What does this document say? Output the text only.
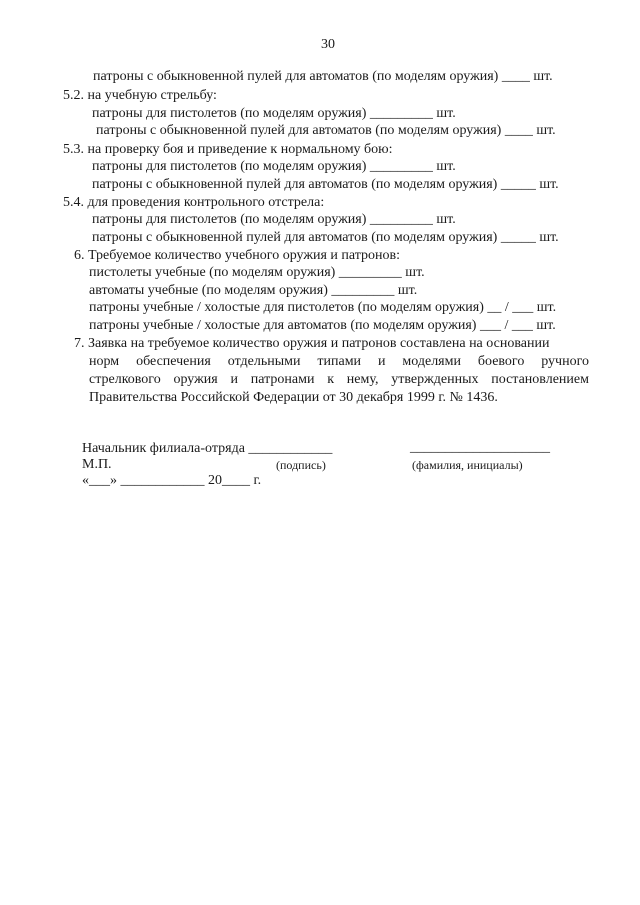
30
патроны с обыкновенной пулей для автоматов (по моделям оружия) ____ шт.
5.2. на учебную стрельбу:
патроны для пистолетов (по моделям оружия) _________ шт.
патроны с обыкновенной пулей для автоматов (по моделям оружия) ____ шт.
5.3. на проверку боя и приведение к нормальному бою:
патроны для пистолетов (по моделям оружия) _________ шт.
патроны с обыкновенной пулей для автоматов (по моделям оружия) _____ шт.
5.4. для проведения контрольного отстрела:
патроны для пистолетов (по моделям оружия) _________ шт.
патроны с обыкновенной пулей для автоматов (по моделям оружия) _____ шт.
6. Требуемое количество учебного оружия и патронов:
пистолеты учебные (по моделям оружия) _________ шт.
автоматы учебные (по моделям оружия) _________ шт.
патроны учебные / холостые для пистолетов (по моделям оружия) __ / ___ шт.
патроны учебные / холостые для автоматов (по моделям оружия) ___ / ___ шт.
7. Заявка на требуемое количество оружия и патронов составлена на основании
норм обеспечения отдельными типами и моделями боевого ручного
стрелкового оружия и патронами к нему, утвержденных постановлением
Правительства Российской Федерации от 30 декабря 1999 г. № 1436.
Начальник филиала-отряда ____________	____________________
М.П.	(подпись)	(фамилия, инициалы)
«___» ____________ 20____ г.
